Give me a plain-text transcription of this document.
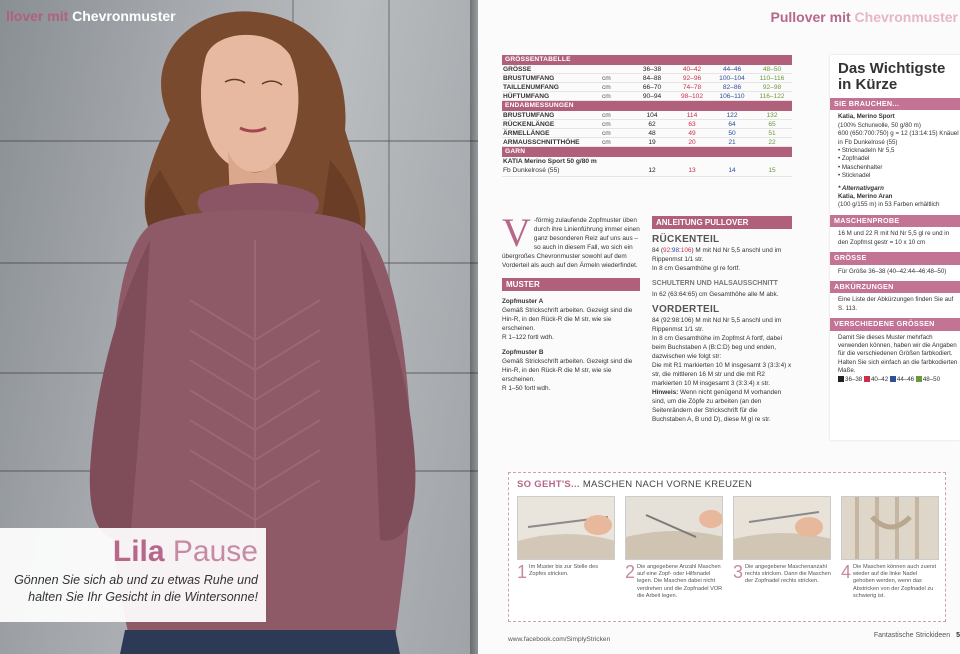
llover mit Chevronmuster
Lila Pause
Gönnen Sie sich ab und zu etwas Ruhe und
halten Sie Ihr Gesicht in die Wintersonne!
Pullover mit Chevronmuster
GRÖSSENTABELLE
GRÖSSE	36–38	40–42	44–46	48–50
BRUSTUMFANG	cm	84–88	92–96	100–104	110–116
TAILLENUMFANG	cm	66–70	74–78	82–86	92–98
HÜFTUMFANG	cm	90–94	98–102	106–110	116–122
ENDABMESSUNGEN
BRUSTUMFANG	cm	104	114	122	132
RÜCKENLÄNGE	cm	62	63	64	65
ÄRMELLÄNGE	cm	48	49	50	51
ARMAUSSCHNITTHÖHE	cm	19	20	21	22
GARN
KATIA Merino Sport 50 g/80 m
Fb Dunkelrosé (55)	12	13	14	15
V -förmig zulaufende Zopfmuster üben durch ihre Linienführung immer einen ganz besonderen Reiz auf uns aus – so auch in diesem Fall, wo sich ein übergroßes Chevronmuster sowohl auf dem Vorderteil als auch auf den Ärmeln wiederfindet.
MUSTER
Zopfmuster A
Gemäß Strickschrift arbeiten. Gezeigt sind die Hin-R, in den Rück-R die M str, wie sie erscheinen.
R 1–122 fortl wdh.
Zopfmuster B
Gemäß Strickschrift arbeiten. Gezeigt sind die Hin-R, in den Rück-R die M str, wie sie erscheinen.
R 1–50 fortl wdh.
ANLEITUNG PULLOVER
RÜCKENTEIL
84 (92:98:106) M mit Nd Nr 5,5 anschl und im Rippenmst 1/1 str.
In 8 cm Gesamthöhe gl re fortf.
SCHULTERN UND HALSAUSSCHNITT
In 62 (63:64:65) cm Gesamthöhe alle M abk.
VORDERTEIL
84 (92:98:106) M mit Nd Nr 5,5 anschl und im Rippenmst 1/1 str.
In 8 cm Gesamthöhe im Zopfmst A fortf, dabei beim Buchstaben A (B:C:D) beg und enden, dazwischen wie folgt str:
Die mit R1 markierten 10 M insgesamt 3 (3:3:4) x str, die mittleren 16 M str und die mit R2 markierten 10 M insgesamt 3 (3:3:4) x str.
Hinweis: Wenn nicht genügend M vorhanden sind, um die Zöpfe zu arbeiten (an den Seitenrändern der Strickschrift für die Buchstaben A, B und D), diese M gl re str.
Das Wichtigste
in Kürze
SIE BRAUCHEN...
Katia, Merino Sport
(100% Schurwolle, 50 g/80 m)
600 (650:700:750) g = 12 (13:14:15) Knäuel in Fb Dunkelrosé (55)
• Stricknadeln Nr 5,5
• Zopfnadel
• Maschenhalter
• Sticknadel
* Alternativgarn
Katia, Merino Aran
(100 g/155 m) in 53 Farben erhältlich
MASCHENPROBE
16 M und 22 R mit Nd Nr 5,5 gl re und in den Zopfmst gestr = 10 x 10 cm
GRÖSSE
Für Größe 36–38 (40–42:44–46:48–50)
ABKÜRZUNGEN
Eine Liste der Abkürzungen finden Sie auf S. 113.
VERSCHIEDENE GRÖSSEN
Damit Sie dieses Muster mehrfach verwenden können, haben wir die Angaben für die verschiedenen Größen farbkodiert. Halten Sie sich einfach an die farbkodierten Maße.
36–38 40–42 44–46 48–50
SO GEHT'S... MASCHEN NACH VORNE KREUZEN
1 Im Muster bis zur Stelle des Zopfes stricken.	2 Die angegebene Anzahl Maschen auf eine Zopf- oder Hilfsnadel legen. Die Maschen dabei nicht verdrehen und die Zopfnadel VOR die Arbeit legen.
3 Die angegebene Maschenanzahl rechts stricken. Dann die Maschen der Zopfnadel rechts stricken.	4 Die Maschen können auch zuerst wieder auf die linke Nadel gehoben werden, wenn das Abstricken von der Zopfnadel zu schwierig ist.
www.facebook.com/SimplyStricken
Fantastische Strickideen 5
